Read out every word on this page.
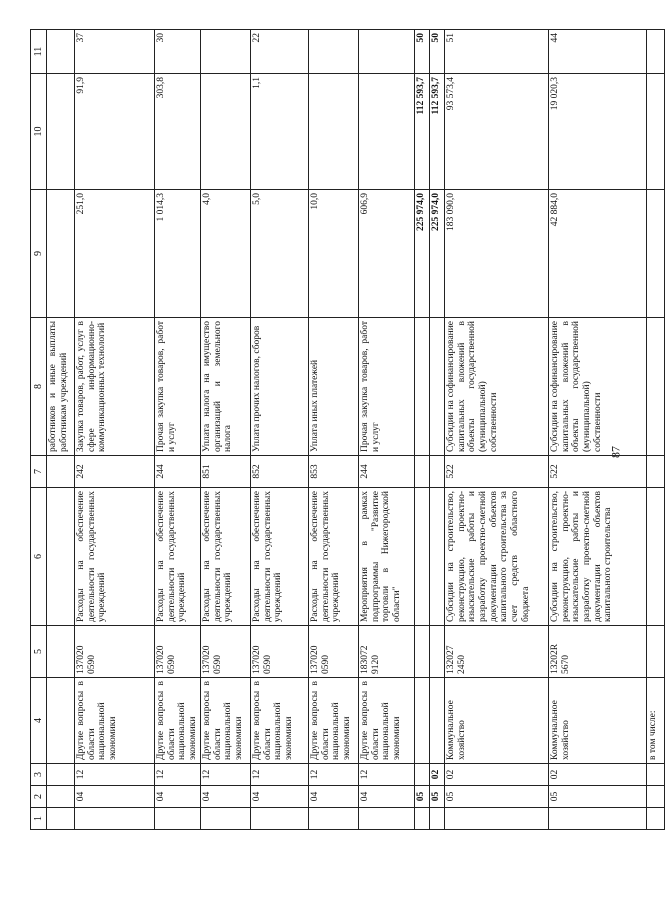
87
1	2	3	4	5	6	7	8	9	10	11
							работников и иные выплаты работникам учреждений			
	04	12	Другие вопросы в области национальной экономики	137020 0590	Расходы на обеспечение деятельности государственных учреждений	242	Закупка товаров, работ, услуг в сфере информационно-коммуникационных технологий	251,0	91,9	37
	04	12	Другие вопросы в области национальной экономики	137020 0590	Расходы на обеспечение деятельности государственных учреждений	244	Прочая закупка товаров, работ и услуг	1 014,3	303,8	30
	04	12	Другие вопросы в области национальной экономики	137020 0590	Расходы на обеспечение деятельности государственных учреждений	851	Уплата налога на имущество организаций и земельного налога	4,0		
	04	12	Другие вопросы в области национальной экономики	137020 0590	Расходы на обеспечение деятельности государственных учреждений	852	Уплата прочих налогов, сборов	5,0	1,1	22
	04	12	Другие вопросы в области национальной экономики	137020 0590	Расходы на обеспечение деятельности государственных учреждений	853	Уплата иных платежей	10,0		
	04	12	Другие вопросы в области национальной экономики	183072 9120	Мероприятия в рамках подпрограммы "Развитие торговли в Нижегородской области"	244	Прочая закупка товаров, работ и услуг	606,9		
	05							225 974,0	112 593,7	50
	05	02						225 974,0	112 593,7	50
	05	02	Коммунальное хозяйство	132027 2450	Субсидии на строительство, реконструкцию, проектно-изыскательские работы и разработку проектно-сметной документации объектов капитального строительства за счет средств областного бюджета	522	Субсидии на софинансирование капитальных вложений в объекты государственной (муниципальной) собственности	183 090,0	93 573,4	51
	05	02	Коммунальное хозяйство	13202R 5670	Субсидии на строительство, реконструкцию, проектно-изыскательские работы и разработку проектно-сметной документации объектов капитального строительства	522	Субсидии на софинансирование капитальных вложений в объекты государственной (муниципальной) собственности	42 884,0	19 020,3	44
			в том числе:							
